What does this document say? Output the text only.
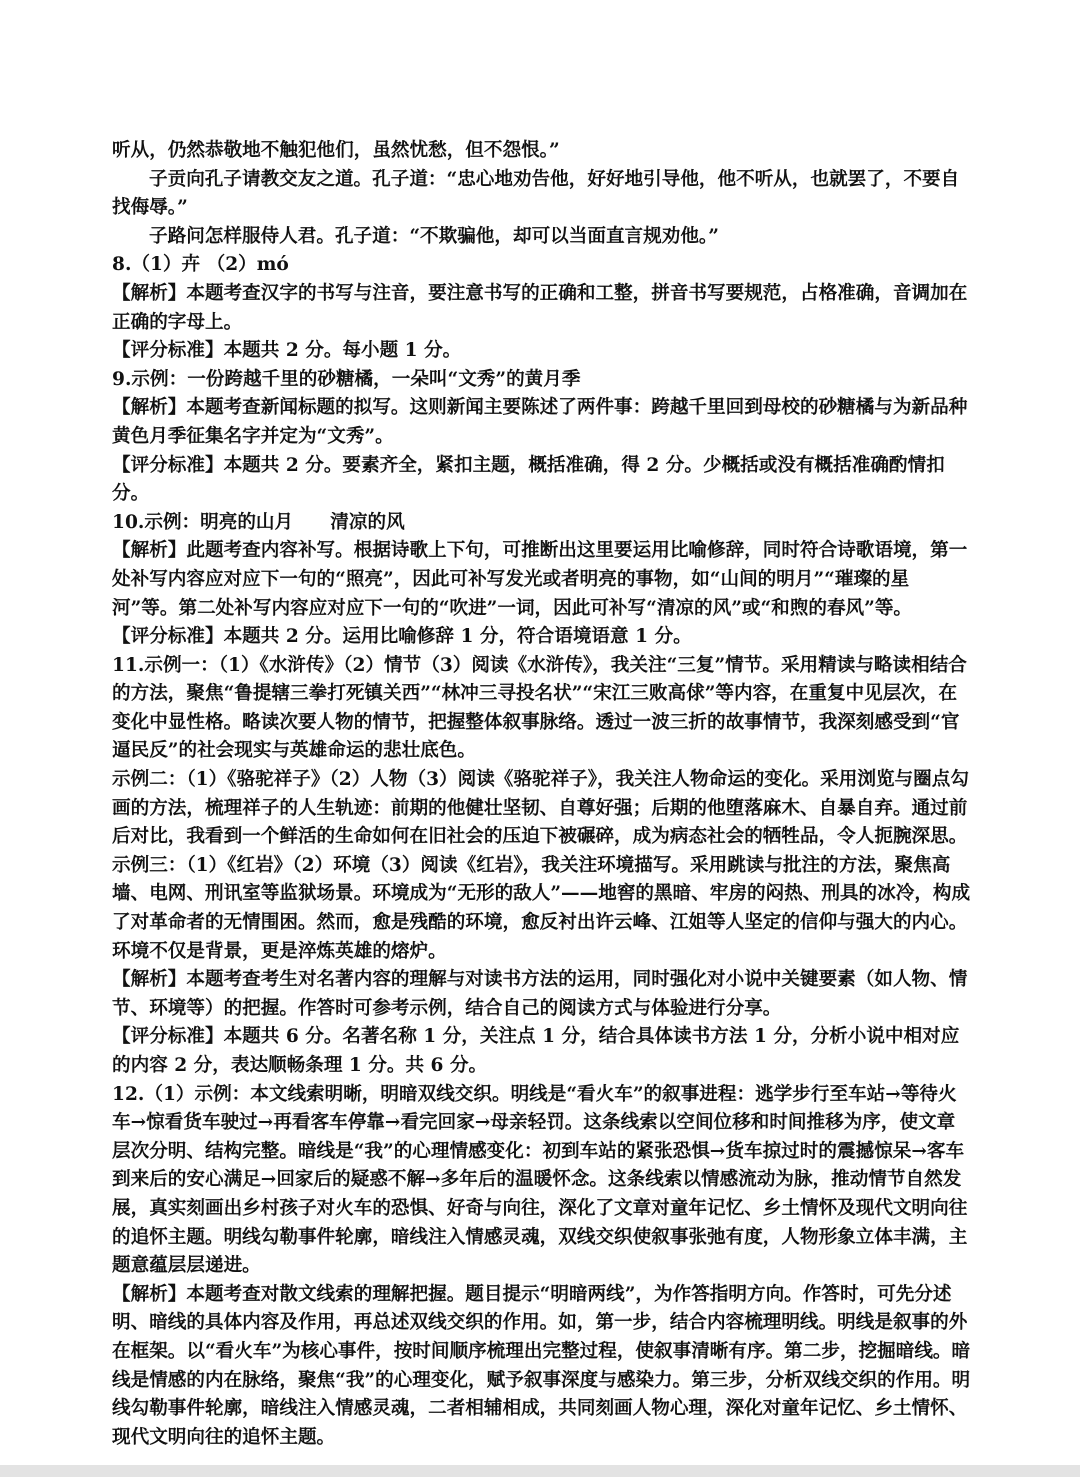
听从，仍然恭敬地不触犯他们，虽然忧愁，但不怨恨。”

子贡向孔子请教交友之道。孔子道：“忠心地劝告他，好好地引导他，他不听从，也就罢了，不要自找侮辱。”

子路问怎样服侍人君。孔子道：“不欺骗他，却可以当面直言规劝他。”

8.（1）卉 （2）mó

【解析】本题考查汉字的书写与注音，要注意书写的正确和工整，拼音书写要规范，占格准确，音调加在正确的字母上。

【评分标准】本题共 2 分。每小题 1 分。

9.示例：一份跨越千里的砂糖橘，一朵叫“文秀”的黄月季

【解析】本题考查新闻标题的拟写。这则新闻主要陈述了两件事：跨越千里回到母校的砂糖橘与为新品种黄色月季征集名字并定为“文秀”。

【评分标准】本题共 2 分。要素齐全，紧扣主题，概括准确，得 2 分。少概括或没有概括准确酌情扣分。

10.示例：明亮的山月　　清凉的风

【解析】此题考查内容补写。根据诗歌上下句，可推断出这里要运用比喻修辞，同时符合诗歌语境，第一处补写内容应对应下一句的“照亮”，因此可补写发光或者明亮的事物，如“山间的明月”“璀璨的星河”等。第二处补写内容应对应下一句的“吹进”一词，因此可补写“清凉的风”或“和煦的春风”等。

【评分标准】本题共 2 分。运用比喻修辞 1 分，符合语境语意 1 分。

11.示例一：（1）《水浒传》（2）情节（3）阅读《水浒传》，我关注“三复”情节。采用精读与略读相结合的方法，聚焦“鲁提辖三拳打死镇关西”“林冲三寻投名状”“宋江三败高俅”等内容，在重复中见层次，在变化中显性格。略读次要人物的情节，把握整体叙事脉络。透过一波三折的故事情节，我深刻感受到“官逼民反”的社会现实与英雄命运的悲壮底色。

示例二：（1）《骆驼祥子》（2）人物（3）阅读《骆驼祥子》，我关注人物命运的变化。采用浏览与圈点勾画的方法，梳理祥子的人生轨迹：前期的他健壮坚韧、自尊好强；后期的他堕落麻木、自暴自弃。通过前后对比，我看到一个鲜活的生命如何在旧社会的压迫下被碾碎，成为病态社会的牺牲品，令人扼腕深思。

示例三：（1）《红岩》（2）环境（3）阅读《红岩》，我关注环境描写。采用跳读与批注的方法，聚焦高墙、电网、刑讯室等监狱场景。环境成为“无形的敌人”——地窖的黑暗、牢房的闷热、刑具的冰冷，构成了对革命者的无情围困。然而，愈是残酷的环境，愈反衬出许云峰、江姐等人坚定的信仰与强大的内心。环境不仅是背景，更是淬炼英雄的熔炉。

【解析】本题考查考生对名著内容的理解与对读书方法的运用，同时强化对小说中关键要素（如人物、情节、环境等）的把握。作答时可参考示例，结合自己的阅读方式与体验进行分享。

【评分标准】本题共 6 分。名著名称 1 分，关注点 1 分，结合具体读书方法 1 分，分析小说中相对应的内容 2 分，表达顺畅条理 1 分。共 6 分。

12.（1）示例：本文线索明晰，明暗双线交织。明线是“看火车”的叙事进程：逃学步行至车站→等待火车→惊看货车驶过→再看客车停靠→看完回家→母亲轻罚。这条线索以空间位移和时间推移为序，使文章层次分明、结构完整。暗线是“我”的心理情感变化：初到车站的紧张恐惧→货车掠过时的震撼惊呆→客车到来后的安心满足→回家后的疑惑不解→多年后的温暖怀念。这条线索以情感流动为脉，推动情节自然发展，真实刻画出乡村孩子对火车的恐惧、好奇与向往，深化了文章对童年记忆、乡土情怀及现代文明向往的追怀主题。明线勾勒事件轮廓，暗线注入情感灵魂，双线交织使叙事张弛有度，人物形象立体丰满，主题意蕴层层递进。

【解析】本题考查对散文线索的理解把握。题目提示“明暗两线”，为作答指明方向。作答时，可先分述明、暗线的具体内容及作用，再总述双线交织的作用。如，第一步，结合内容梳理明线。明线是叙事的外在框架。以“看火车”为核心事件，按时间顺序梳理出完整过程，使叙事清晰有序。第二步，挖掘暗线。暗线是情感的内在脉络，聚焦“我”的心理变化，赋予叙事深度与感染力。第三步，分析双线交织的作用。明线勾勒事件轮廓，暗线注入情感灵魂，二者相辅相成，共同刻画人物心理，深化对童年记忆、乡土情怀、现代文明向往的追怀主题。
